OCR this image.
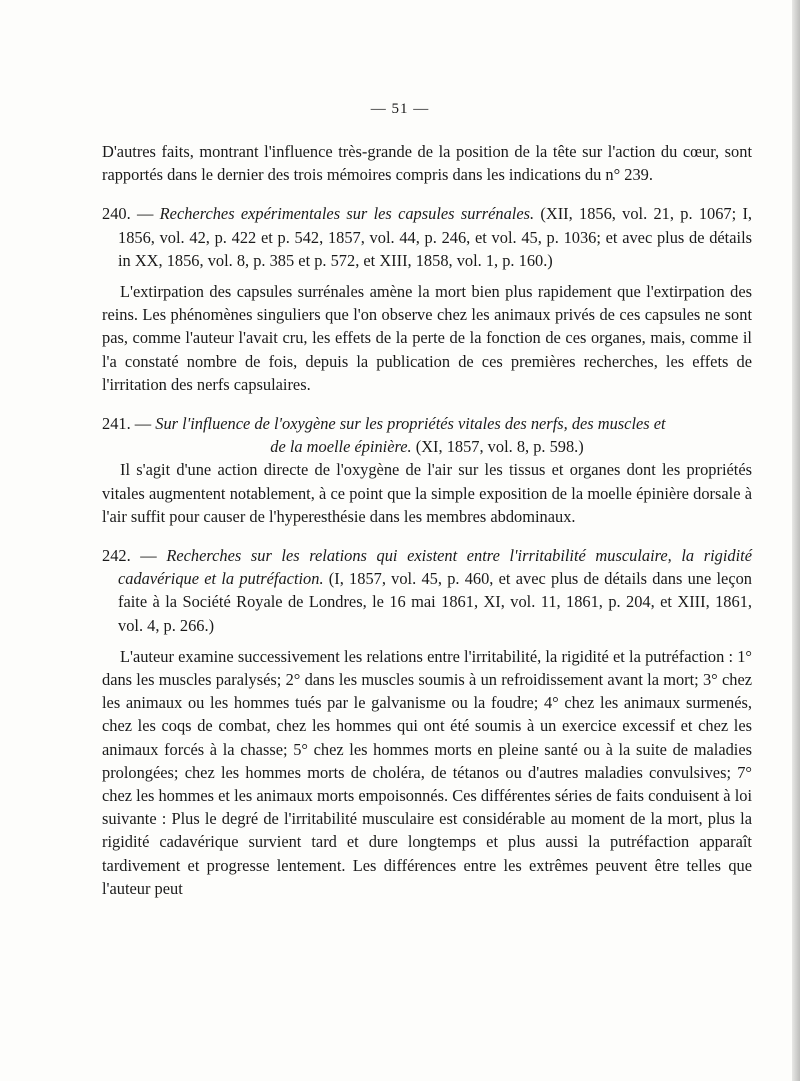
— 51 —

D'autres faits, montrant l'influence très-grande de la position de la tête sur l'action du cœur, sont rapportés dans le dernier des trois mémoires compris dans les indications du n° 239.

240. — Recherches expérimentales sur les capsules surrénales. (XII, 1856, vol. 21, p. 1067; I, 1856, vol. 42, p. 422 et p. 542, 1857, vol. 44, p. 246, et vol. 45, p. 1036; et avec plus de détails in XX, 1856, vol. 8, p. 385 et p. 572, et XIII, 1858, vol. 1, p. 160.)

L'extirpation des capsules surrénales amène la mort bien plus rapidement que l'extirpation des reins. Les phénomènes singuliers que l'on observe chez les animaux privés de ces capsules ne sont pas, comme l'auteur l'avait cru, les effets de la perte de la fonction de ces organes, mais, comme il l'a constaté nombre de fois, depuis la publication de ces premières recherches, les effets de l'irritation des nerfs capsulaires.

241. — Sur l'influence de l'oxygène sur les propriétés vitales des nerfs, des muscles et

de la moelle épinière. (XI, 1857, vol. 8, p. 598.)

Il s'agit d'une action directe de l'oxygène de l'air sur les tissus et organes dont les propriétés vitales augmentent notablement, à ce point que la simple exposition de la moelle épinière dorsale à l'air suffit pour causer de l'hyperesthésie dans les membres abdominaux.

242. — Recherches sur les relations qui existent entre l'irritabilité musculaire, la rigidité cadavérique et la putréfaction. (I, 1857, vol. 45, p. 460, et avec plus de détails dans une leçon faite à la Société Royale de Londres, le 16 mai 1861, XI, vol. 11, 1861, p. 204, et XIII, 1861, vol. 4, p. 266.)

L'auteur examine successivement les relations entre l'irritabilité, la rigidité et la putréfaction : 1° dans les muscles paralysés; 2° dans les muscles soumis à un refroidissement avant la mort; 3° chez les animaux ou les hommes tués par le galvanisme ou la foudre; 4° chez les animaux surmenés, chez les coqs de combat, chez les hommes qui ont été soumis à un exercice excessif et chez les animaux forcés à la chasse; 5° chez les hommes morts en pleine santé ou à la suite de maladies prolongées; chez les hommes morts de choléra, de tétanos ou d'autres maladies convulsives; 7° chez les hommes et les animaux morts empoisonnés. Ces différentes séries de faits conduisent à loi suivante : Plus le degré de l'irritabilité musculaire est considérable au moment de la mort, plus la rigidité cadavérique survient tard et dure longtemps et plus aussi la putréfaction apparaît tardivement et progresse lentement. Les différences entre les extrêmes peuvent être telles que l'auteur peut
